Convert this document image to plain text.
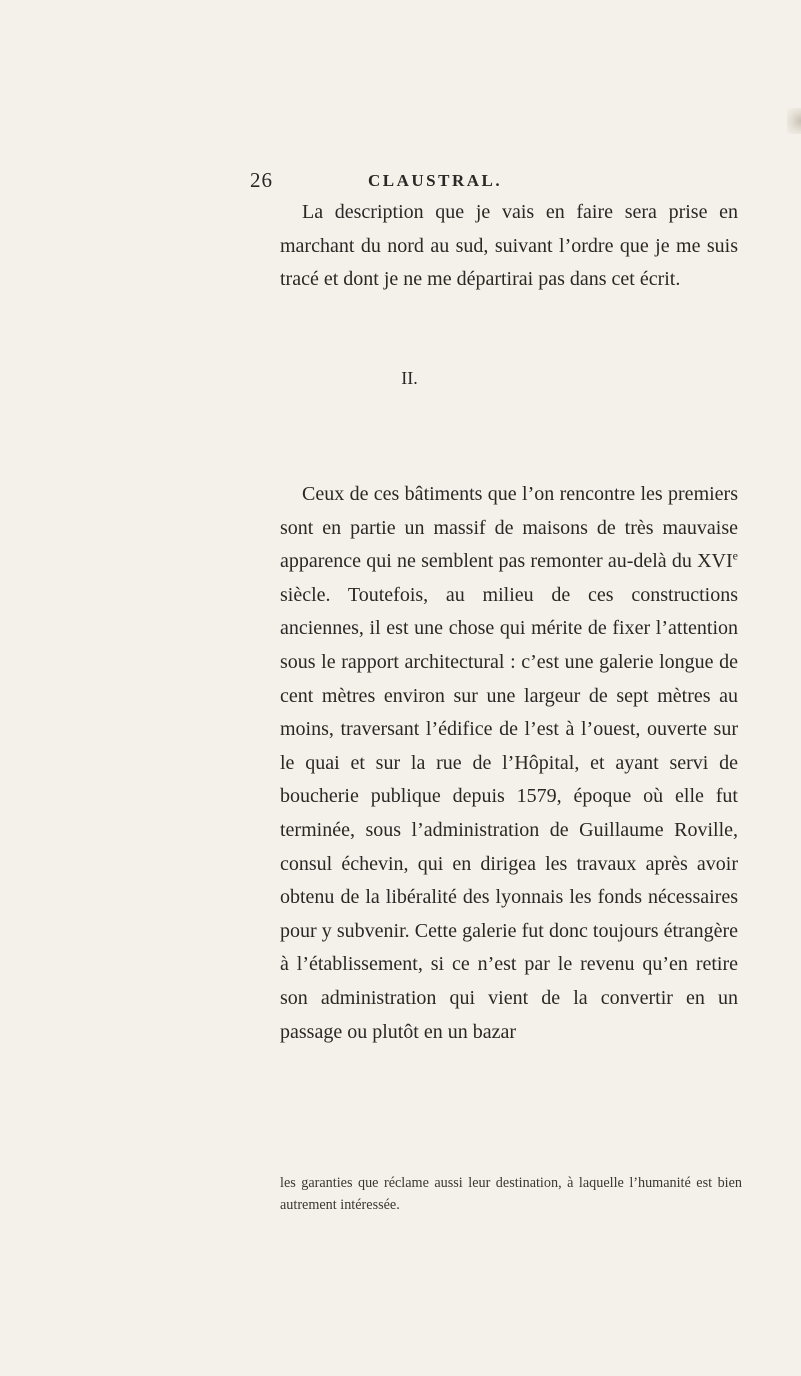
26	CLAUSTRAL.

La description que je vais en faire sera prise en marchant du nord au sud, suivant l’ordre que je me suis tracé et dont je ne me départirai pas dans cet écrit.

II.

Ceux de ces bâtiments que l’on rencontre les premiers sont en partie un massif de maisons de très mauvaise apparence qui ne semblent pas remonter au-delà du XVIe siècle. Toutefois, au milieu de ces constructions anciennes, il est une chose qui mérite de fixer l’attention sous le rapport architectural : c’est une galerie longue de cent mètres environ sur une largeur de sept mètres au moins, traversant l’édifice de l’est à l’ouest, ouverte sur le quai et sur la rue de l’Hôpital, et ayant servi de boucherie publique depuis 1579, époque où elle fut terminée, sous l’administration de Guillaume Roville, consul échevin, qui en dirigea les travaux après avoir obtenu de la libéralité des lyonnais les fonds nécessaires pour y subvenir. Cette galerie fut donc toujours étrangère à l’établissement, si ce n’est par le revenu qu’en retire son administration qui vient de la convertir en un passage ou plutôt en un bazar

les garanties que réclame aussi leur destination, à laquelle l’humanité est bien autrement intéressée.
